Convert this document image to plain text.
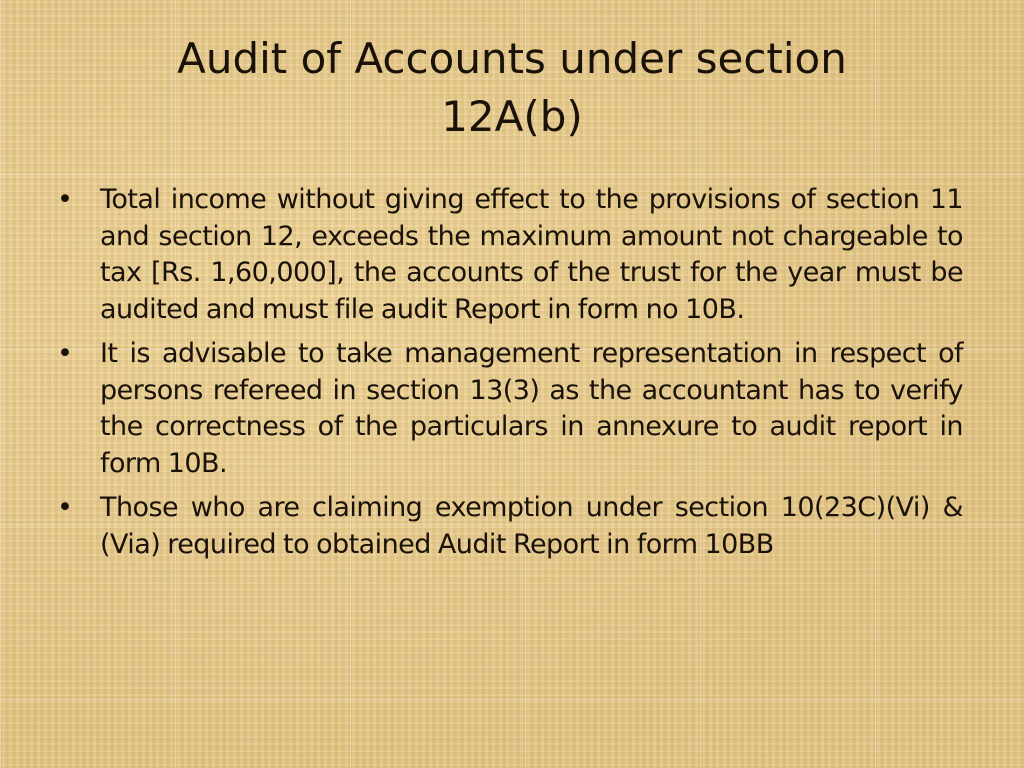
Audit of Accounts under section
12A(b)
• Total income without giving effect to the provisions of section 11 and section 12, exceeds the maximum amount not chargeable to tax [Rs. 1,60,000], the accounts of the trust for the year must be audited and must file audit Report in form no 10B.
• It is advisable to take management representation in respect of persons refereed in section 13(3) as the accountant has to verify the correctness of the particulars in annexure to audit report in form 10B.
• Those who are claiming exemption under section 10(23C)(Vi) & (Via) required to obtained Audit Report in form 10BB
